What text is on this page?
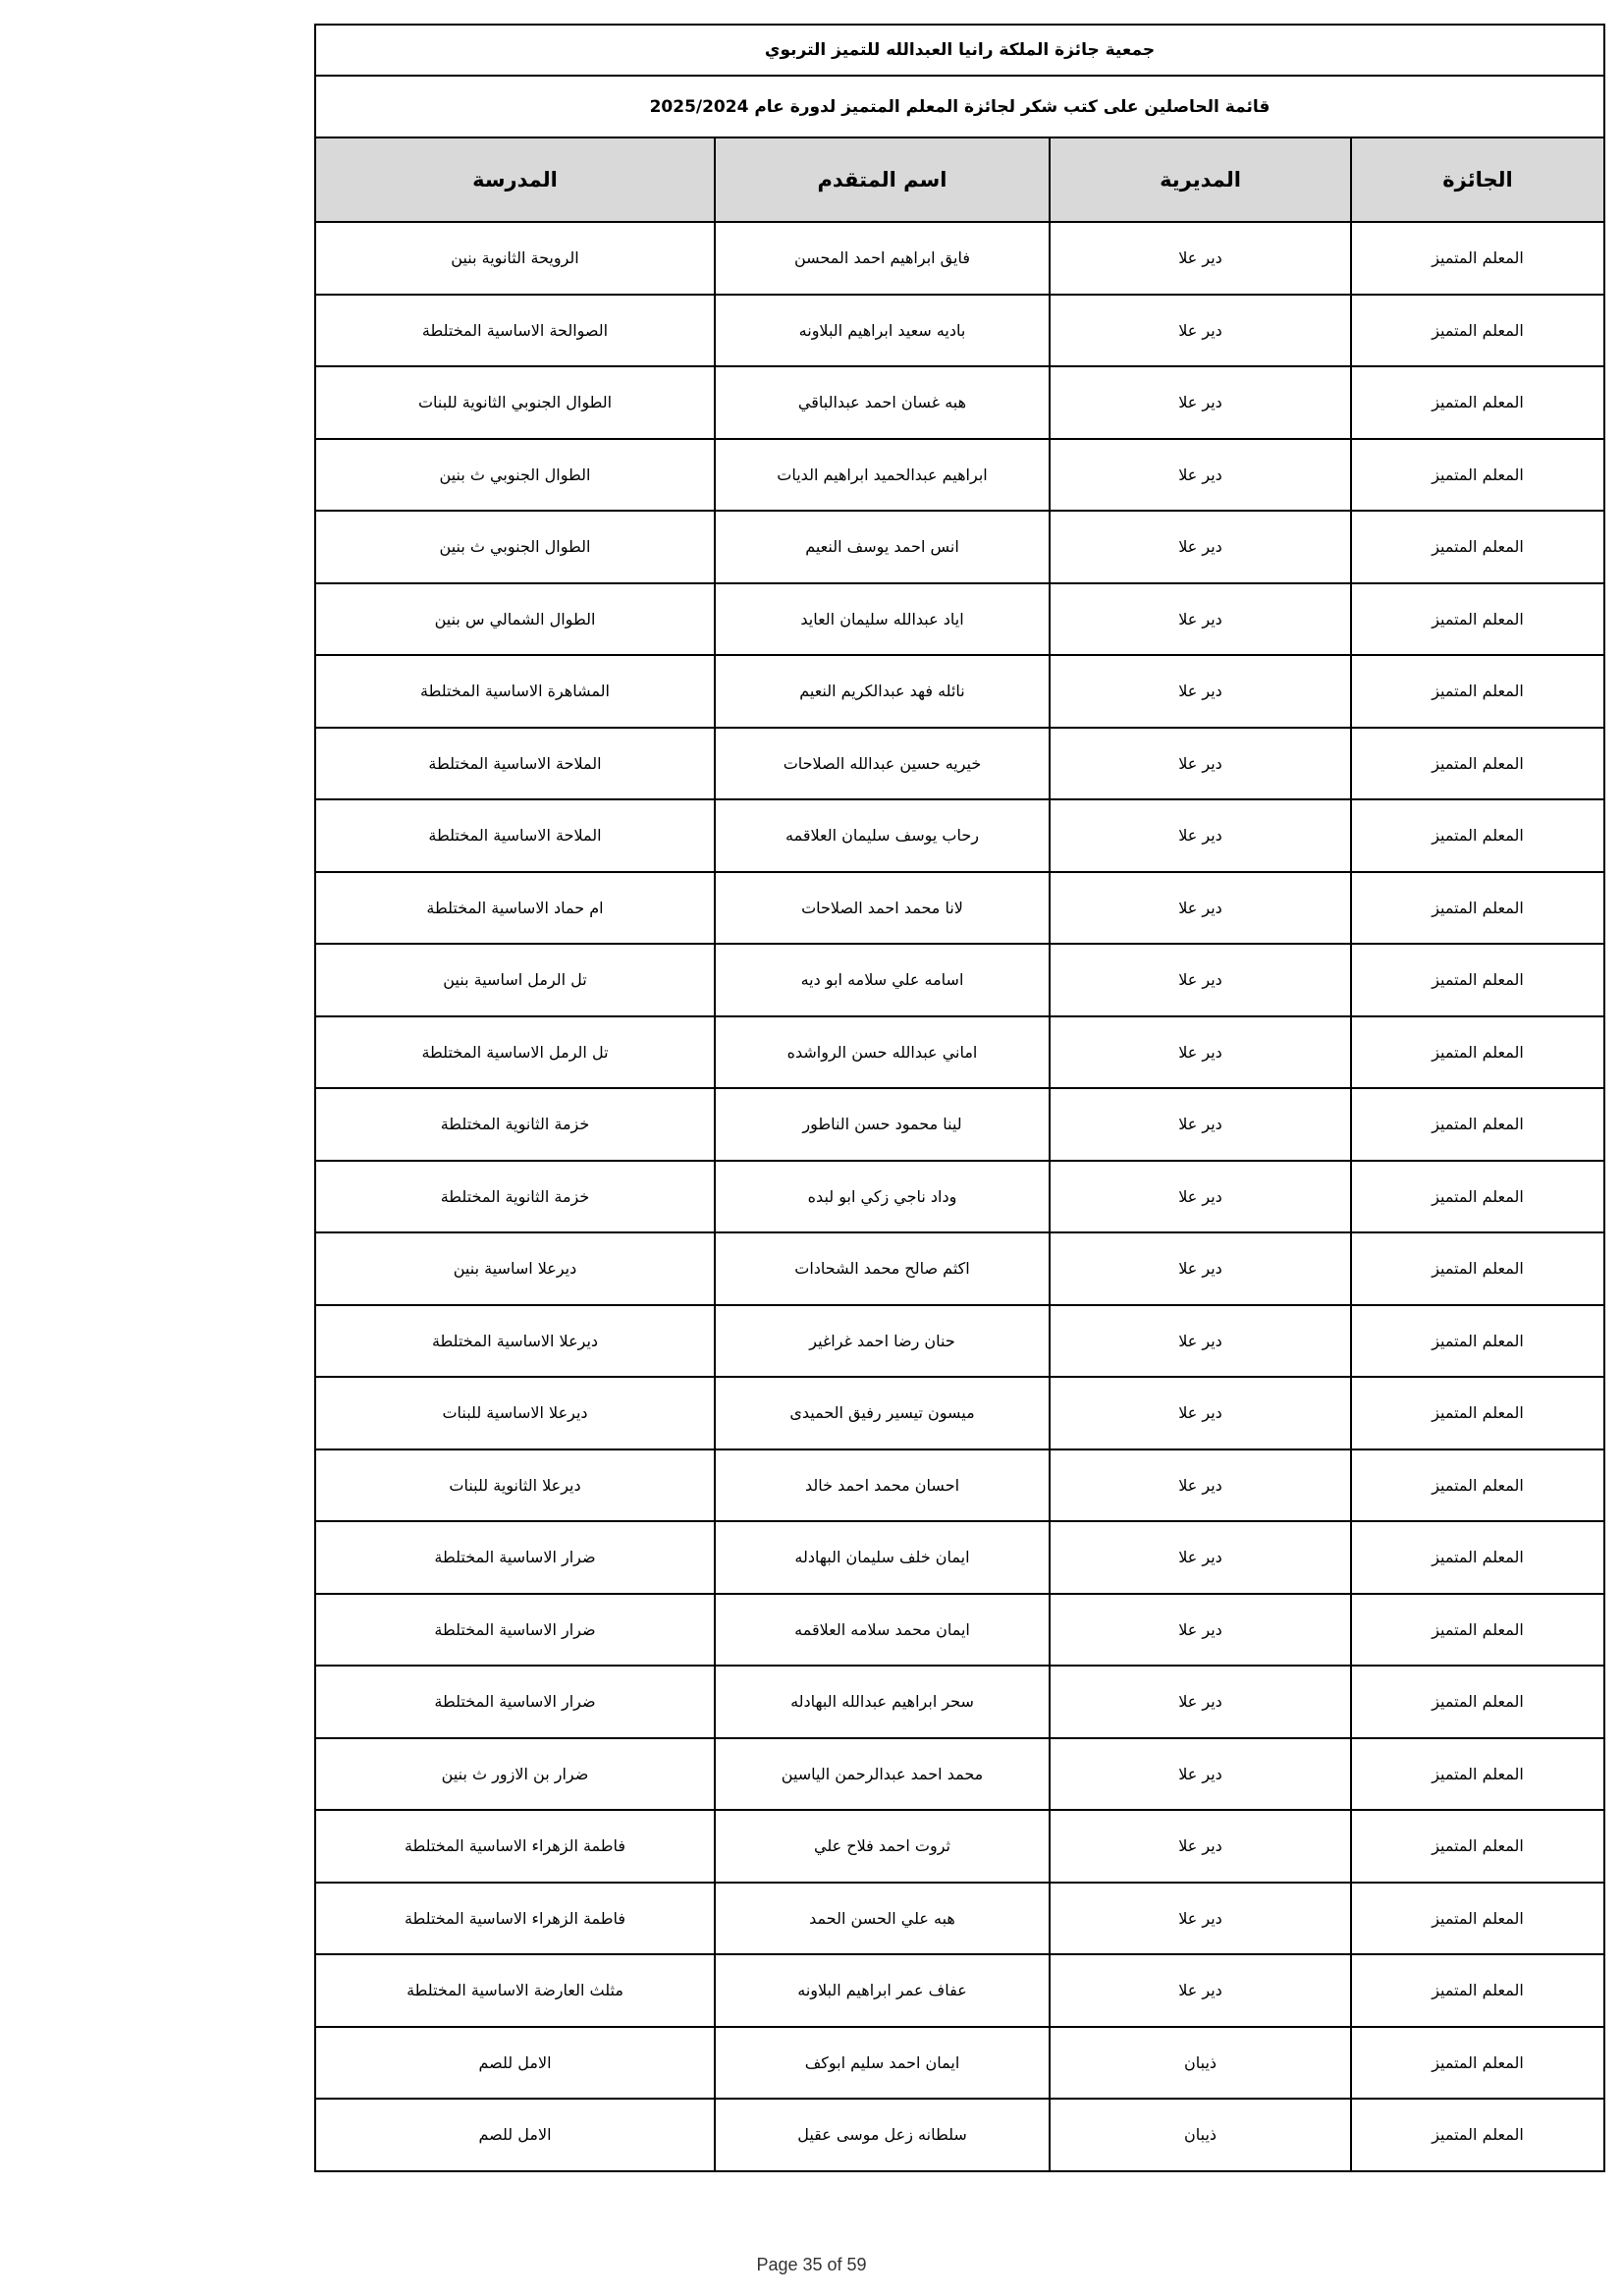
جمعية جائزة الملكة رانيا العبدالله للتميز التربوي			
قائمة الحاصلين على كتب شكر لجائزة المعلم المتميز لدورة عام 2025/2024			
الجائزة	المديرية	اسم المتقدم	المدرسة
المعلم المتميز	دير علا	فايق ابراهيم احمد المحسن	الرويحة الثانوية بنين
المعلم المتميز	دير علا	باديه سعيد ابراهيم البلاونه	الصوالحة الاساسية المختلطة
المعلم المتميز	دير علا	هبه غسان احمد عبدالباقي	الطوال الجنوبي الثانوية للبنات
المعلم المتميز	دير علا	ابراهيم عبدالحميد ابراهيم الديات	الطوال الجنوبي ث بنين
المعلم المتميز	دير علا	انس احمد يوسف النعيم	الطوال الجنوبي ث بنين
المعلم المتميز	دير علا	اياد عبدالله سليمان العايد	الطوال الشمالي س بنين
المعلم المتميز	دير علا	نائله فهد عبدالكريم النعيم	المشاهرة الاساسية المختلطة
المعلم المتميز	دير علا	خيريه حسين عبدالله الصلاحات	الملاحة الاساسية المختلطة
المعلم المتميز	دير علا	رحاب يوسف سليمان العلاقمه	الملاحة الاساسية المختلطة
المعلم المتميز	دير علا	لانا محمد احمد الصلاحات	ام حماد الاساسية المختلطة
المعلم المتميز	دير علا	اسامه علي سلامه ابو ديه	تل الرمل اساسية بنين
المعلم المتميز	دير علا	اماني عبدالله حسن الرواشده	تل الرمل الاساسية المختلطة
المعلم المتميز	دير علا	لينا محمود حسن الناطور	خزمة الثانوية المختلطة
المعلم المتميز	دير علا	وداد ناجي زكي ابو لبده	خزمة الثانوية المختلطة
المعلم المتميز	دير علا	اكثم صالح محمد الشحادات	ديرعلا اساسية بنين
المعلم المتميز	دير علا	حنان رضا احمد غراغير	ديرعلا الاساسية المختلطة
المعلم المتميز	دير علا	ميسون تيسير رفيق الحميدى	ديرعلا الاساسية للبنات
المعلم المتميز	دير علا	احسان محمد احمد خالد	ديرعلا الثانوية للبنات
المعلم المتميز	دير علا	ايمان خلف سليمان البهادله	ضرار الاساسية المختلطة
المعلم المتميز	دير علا	ايمان محمد سلامه العلاقمه	ضرار الاساسية المختلطة
المعلم المتميز	دير علا	سحر ابراهيم عبدالله البهادله	ضرار الاساسية المختلطة
المعلم المتميز	دير علا	محمد احمد عبدالرحمن الياسين	ضرار بن الازور ث بنين
المعلم المتميز	دير علا	ثروت احمد فلاح علي	فاطمة الزهراء الاساسية المختلطة
المعلم المتميز	دير علا	هبه علي الحسن الحمد	فاطمة الزهراء الاساسية المختلطة
المعلم المتميز	دير علا	عفاف عمر ابراهيم البلاونه	مثلث العارضة الاساسية المختلطة
المعلم المتميز	ذيبان	ايمان احمد سليم ابوكف	الامل للصم
المعلم المتميز	ذيبان	سلطانه زعل موسى عقيل	الامل للصم
Page 35 of 59
